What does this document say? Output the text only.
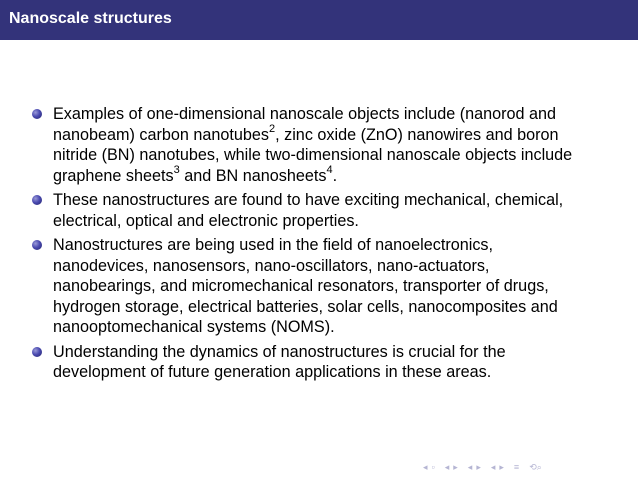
Nanoscale structures
Examples of one-dimensional nanoscale objects include (nanorod and
nanobeam) carbon nanotubes$^2$, zinc oxide (ZnO) nanowires and boron
nitride (BN) nanotubes, while two-dimensional nanoscale objects include
graphene sheets$^3$ and BN nanosheets$^4$.
These nanostructures are found to have exciting mechanical, chemical,
electrical, optical and electronic properties.
Nanostructures are being used in the field of nanoelectronics,
nanodevices, nanosensors, nano-oscillators, nano-actuators,
nanobearings, and micromechanical resonators, transporter of drugs,
hydrogen storage, electrical batteries, solar cells, nanocomposites and
nanooptomechanical systems (NOMS).
Understanding the dynamics of nanostructures is crucial for the
development of future generation applications in these areas.
◂ ▫ ◂ ▸ ◂ ▸ ◂ ▸ ≡ ⟲⌕
